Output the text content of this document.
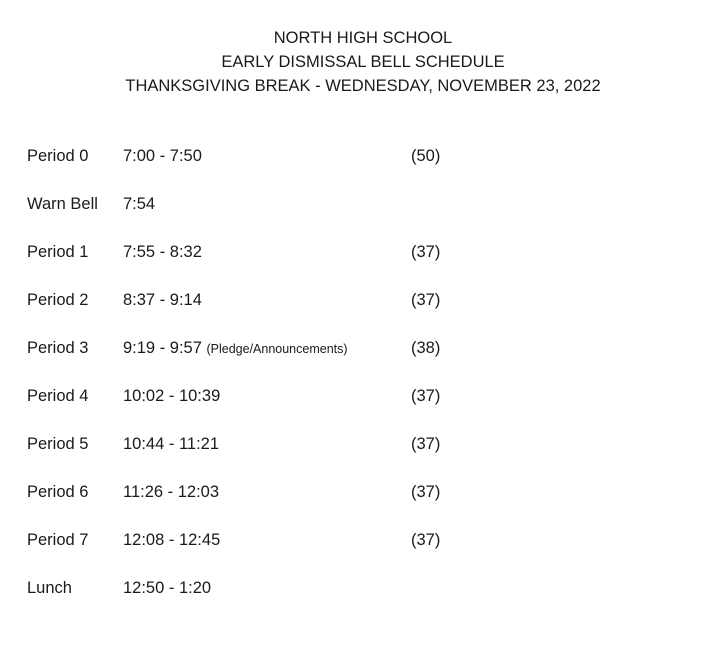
NORTH HIGH SCHOOL
EARLY DISMISSAL BELL SCHEDULE
THANKSGIVING BREAK - WEDNESDAY, NOVEMBER 23, 2022
Period 0 7:00 - 7:50	(50)
Warn Bell 7:54
Period 1 7:55 - 8:32	(37)
Period 2 8:37 - 9:14	(37)
Period 3 9:19 - 9:57 (Pledge/Announcements)	(38)
Period 4 10:02 - 10:39	(37)
Period 5 10:44 - 11:21	(37)
Period 6 11:26 - 12:03	(37)
Period 7 12:08 - 12:45	(37)
Lunch	12:50 - 1:20
